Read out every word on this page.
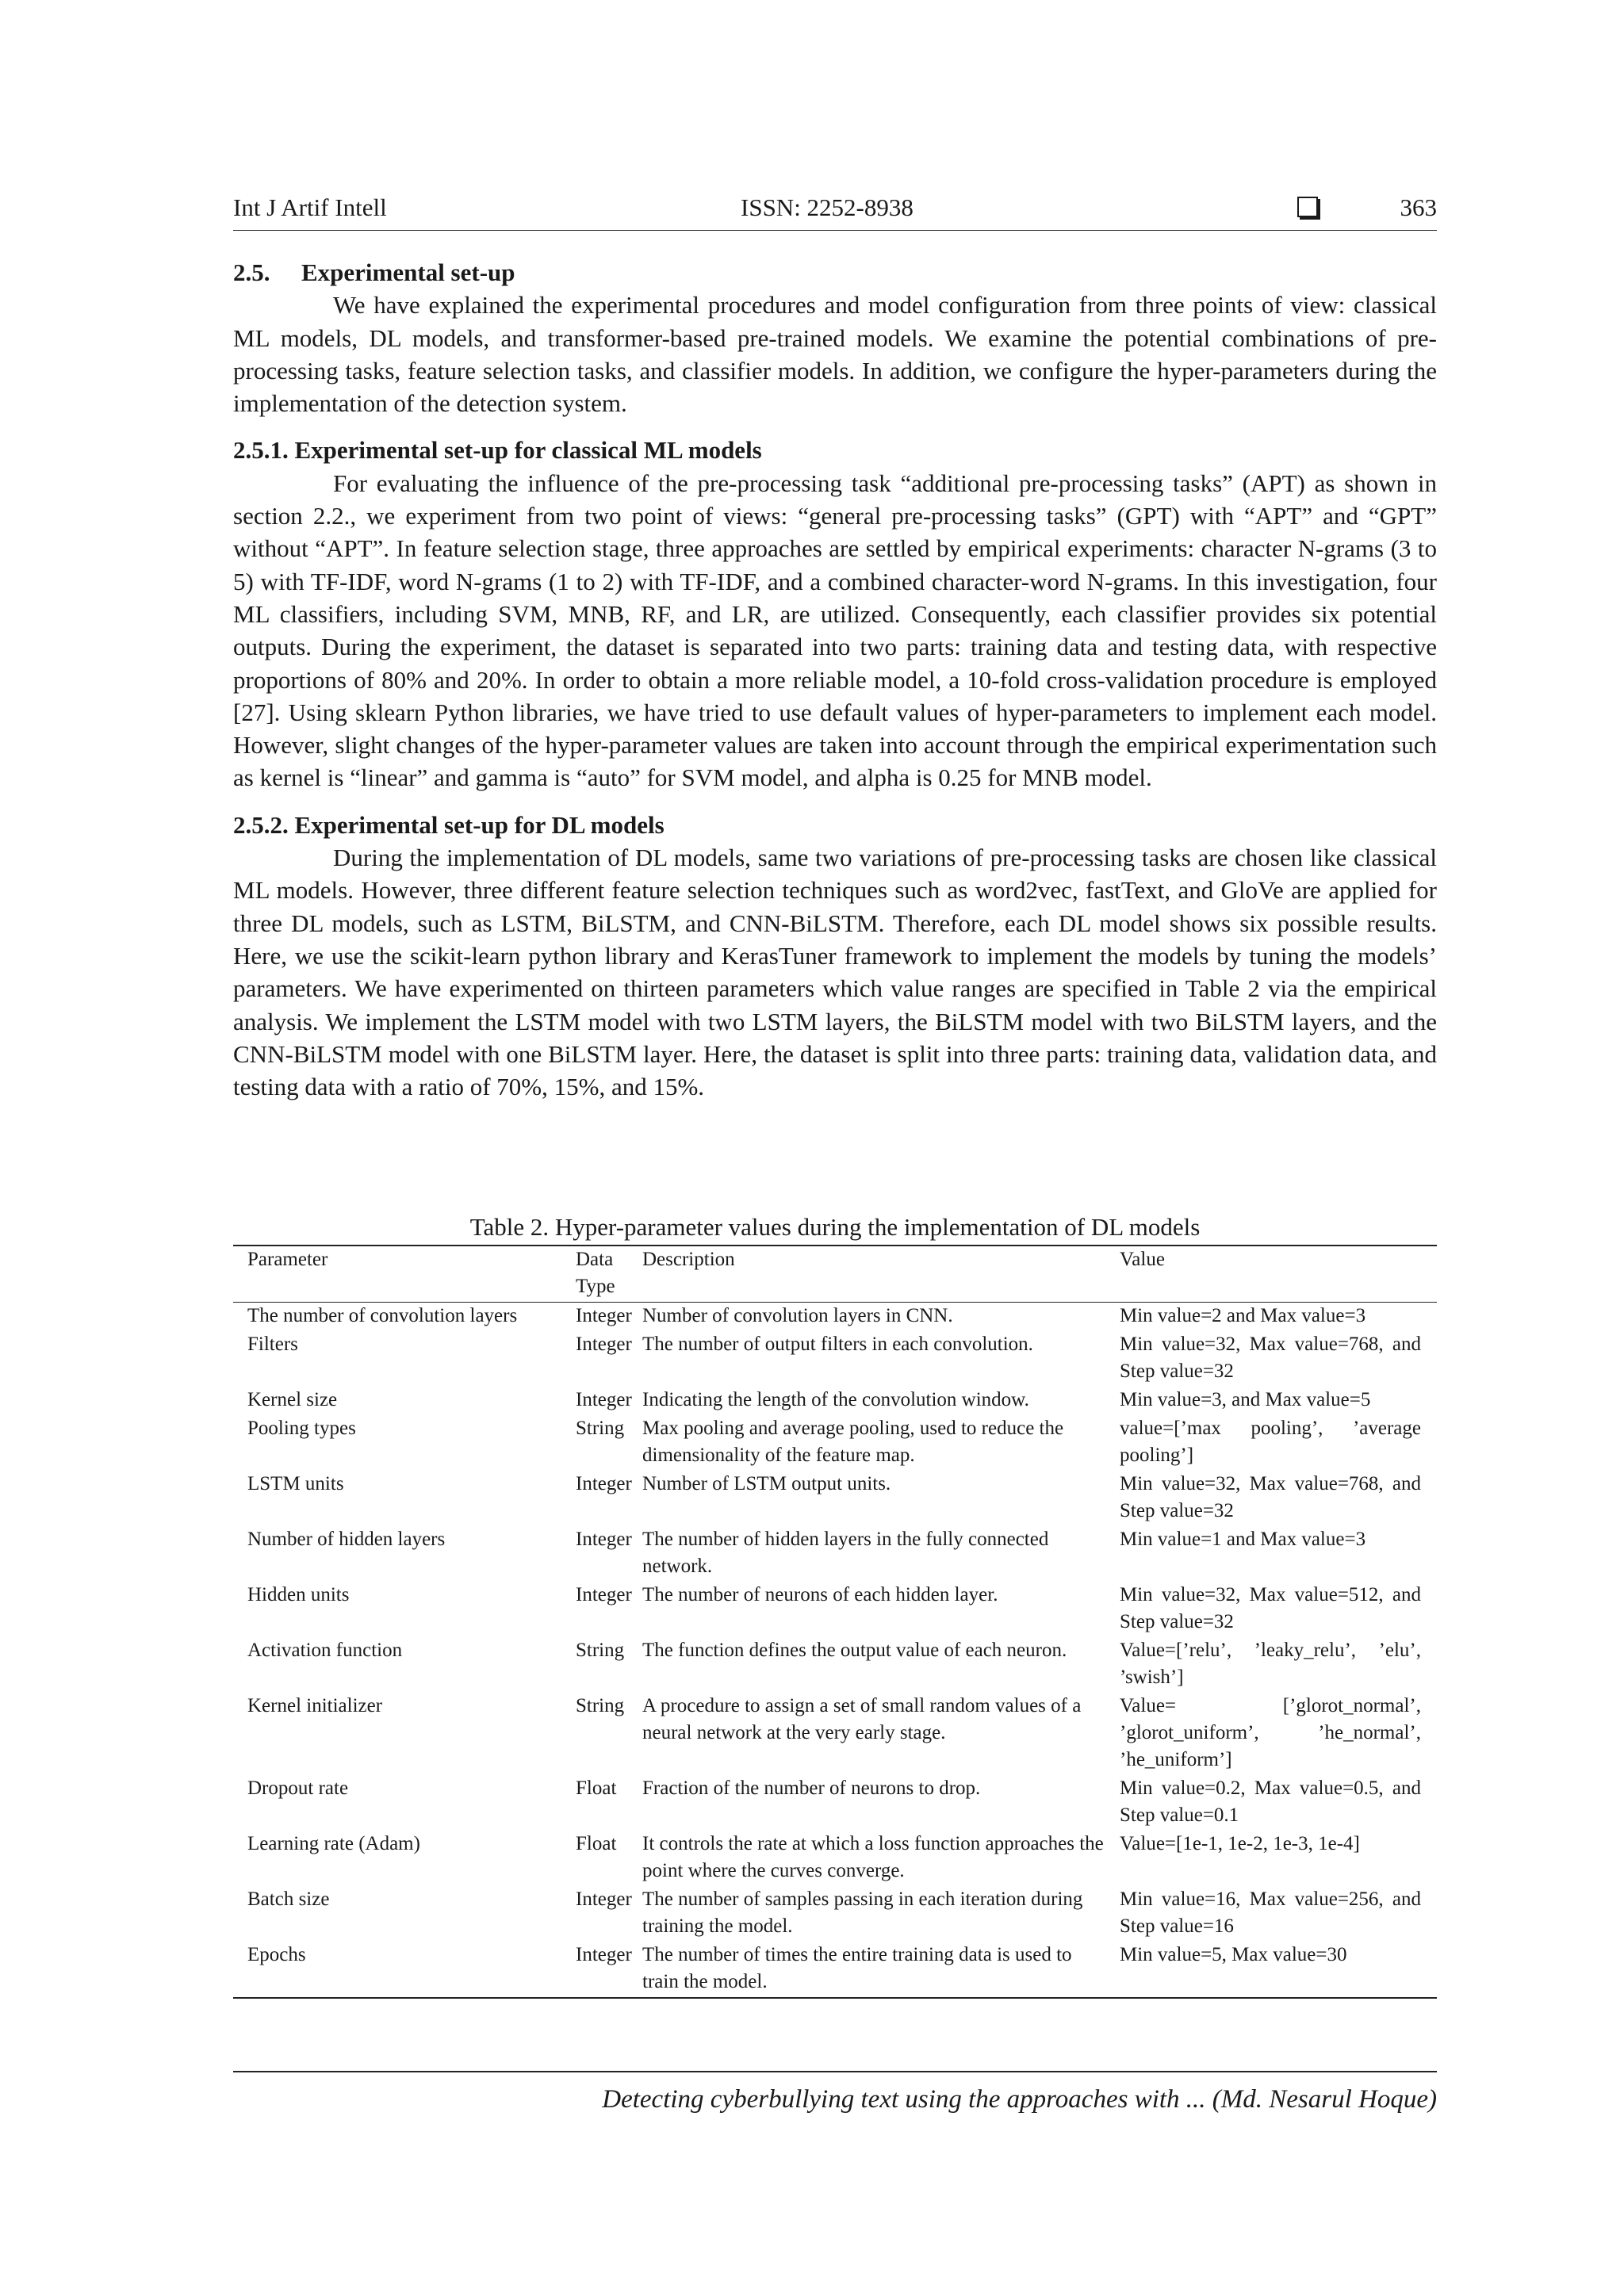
Int J Artif Intell	ISSN: 2252-8938	363

2.5. Experimental set-up

We have explained the experimental procedures and model configuration from three points of view: classical ML models, DL models, and transformer-based pre-trained models. We examine the potential combinations of pre-processing tasks, feature selection tasks, and classifier models. In addition, we configure the hyper-parameters during the implementation of the detection system.

2.5.1. Experimental set-up for classical ML models

For evaluating the influence of the pre-processing task “additional pre-processing tasks” (APT) as shown in section 2.2., we experiment from two point of views: “general pre-processing tasks” (GPT) with “APT” and “GPT” without “APT”. In feature selection stage, three approaches are settled by empirical experiments: character N-grams (3 to 5) with TF-IDF, word N-grams (1 to 2) with TF-IDF, and a combined character-word N-grams. In this investigation, four ML classifiers, including SVM, MNB, RF, and LR, are utilized. Consequently, each classifier provides six potential outputs. During the experiment, the dataset is separated into two parts: training data and testing data, with respective proportions of 80% and 20%. In order to obtain a more reliable model, a 10-fold cross-validation procedure is employed [27]. Using sklearn Python libraries, we have tried to use default values of hyper-parameters to implement each model. However, slight changes of the hyper-parameter values are taken into account through the empirical experimentation such as kernel is “linear” and gamma is “auto” for SVM model, and alpha is 0.25 for MNB model.

2.5.2. Experimental set-up for DL models

During the implementation of DL models, same two variations of pre-processing tasks are chosen like classical ML models. However, three different feature selection techniques such as word2vec, fastText, and GloVe are applied for three DL models, such as LSTM, BiLSTM, and CNN-BiLSTM. Therefore, each DL model shows six possible results. Here, we use the scikit-learn python library and KerasTuner framework to implement the models by tuning the models’ parameters. We have experimented on thirteen parameters which value ranges are specified in Table 2 via the empirical analysis. We implement the LSTM model with two LSTM layers, the BiLSTM model with two BiLSTM layers, and the CNN-BiLSTM model with one BiLSTM layer. Here, the dataset is split into three parts: training data, validation data, and testing data with a ratio of 70%, 15%, and 15%.

Table 2. Hyper-parameter values during the implementation of DL models

Parameter	Data Type	Description	Value
The number of convolution layers	Integer	Number of convolution layers in CNN.	Min value=2 and Max value=3
Filters	Integer	The number of output filters in each convolution.	Min value=32, Max value=768, and Step value=32
Kernel size	Integer	Indicating the length of the convolution window.	Min value=3, and Max value=5
Pooling types	String	Max pooling and average pooling, used to reduce the dimensionality of the feature map.	value=[’max pooling’, ’average pooling’]
LSTM units	Integer	Number of LSTM output units.	Min value=32, Max value=768, and Step value=32
Number of hidden layers	Integer	The number of hidden layers in the fully connected network.	Min value=1 and Max value=3
Hidden units	Integer	The number of neurons of each hidden layer.	Min value=32, Max value=512, and Step value=32
Activation function	String	The function defines the output value of each neuron.	Value=[’relu’, ’leaky_relu’, ’elu’, ’swish’]
Kernel initializer	String	A procedure to assign a set of small random values of a neural network at the very early stage.	Value= [’glorot_normal’, ’glorot_uniform’, ’he_normal’, ’he_uniform’]
Dropout rate	Float	Fraction of the number of neurons to drop.	Min value=0.2, Max value=0.5, and Step value=0.1
Learning rate (Adam)	Float	It controls the rate at which a loss function approaches the point where the curves converge.	Value=[1e-1, 1e-2, 1e-3, 1e-4]
Batch size	Integer	The number of samples passing in each iteration during training the model.	Min value=16, Max value=256, and Step value=16
Epochs	Integer	The number of times the entire training data is used to train the model.	Min value=5, Max value=30
Detecting cyberbullying text using the approaches with ... (Md. Nesarul Hoque)
